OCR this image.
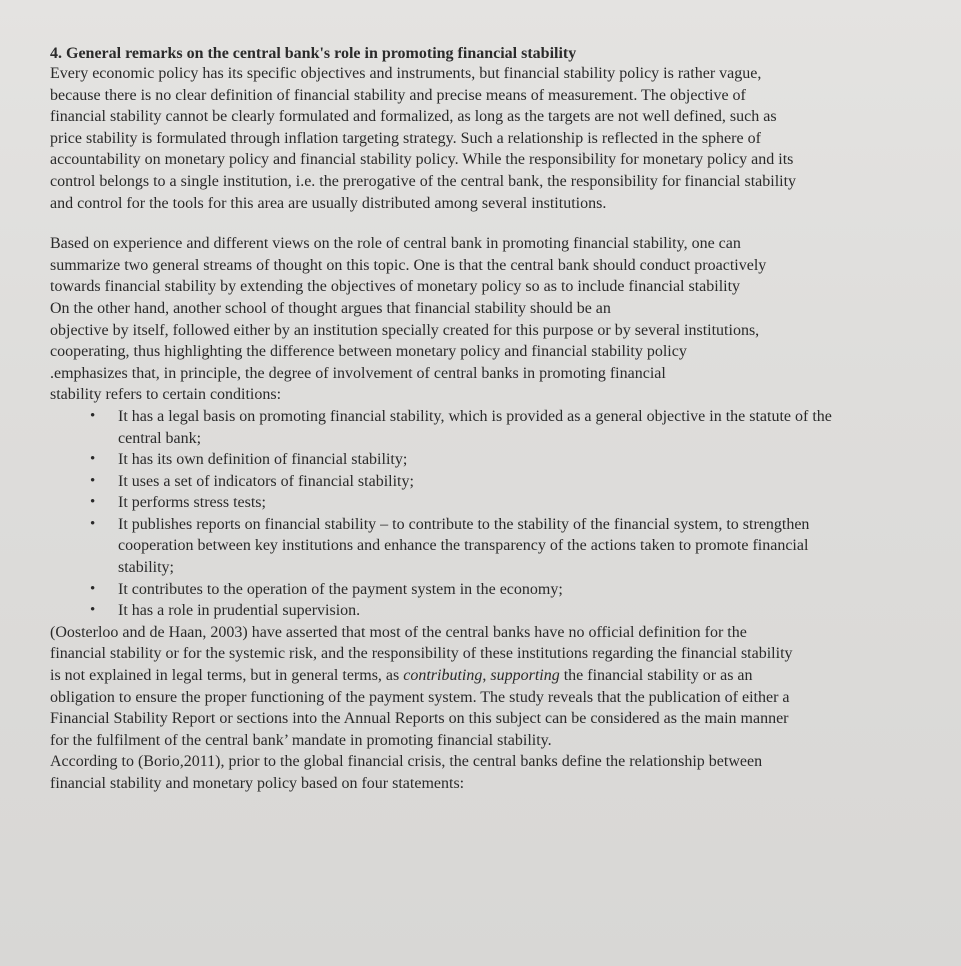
4. General remarks on the central bank's role in promoting financial stability

Every economic policy has its specific objectives and instruments, but financial stability policy is rather vague,
because there is no clear definition of financial stability and precise means of measurement. The objective of
financial stability cannot be clearly formulated and formalized, as long as the targets are not well defined, such as
price stability is formulated through inflation targeting strategy. Such a relationship is reflected in the sphere of
accountability on monetary policy and financial stability policy. While the responsibility for monetary policy and its
control belongs to a single institution, i.e. the prerogative of the central bank, the responsibility for financial stability
and control for the tools for this area are usually distributed among several institutions.

Based on experience and different views on the role of central bank in promoting financial stability, one can
summarize two general streams of thought on this topic. One is that the central bank should conduct proactively
towards financial stability by extending the objectives of monetary policy so as to include financial stability
On the other hand, another school of thought argues that financial stability should be an
objective by itself, followed either by an institution specially created for this purpose or by several institutions,
cooperating, thus highlighting the difference between monetary policy and financial stability policy
.emphasizes that, in principle, the degree of involvement of central banks in promoting financial
stability refers to certain conditions:

• It has a legal basis on promoting financial stability, which is provided as a general objective in the statute of the
central bank;
• It has its own definition of financial stability;
• It uses a set of indicators of financial stability;
• It performs stress tests;
• It publishes reports on financial stability – to contribute to the stability of the financial system, to strengthen
cooperation between key institutions and enhance the transparency of the actions taken to promote financial
stability;
• It contributes to the operation of the payment system in the economy;
• It has a role in prudential supervision.

(Oosterloo and de Haan, 2003) have asserted that most of the central banks have no official definition for the
financial stability or for the systemic risk, and the responsibility of these institutions regarding the financial stability
is not explained in legal terms, but in general terms, as contributing, supporting the financial stability or as an
obligation to ensure the proper functioning of the payment system. The study reveals that the publication of either a
Financial Stability Report or sections into the Annual Reports on this subject can be considered as the main manner
for the fulfilment of the central bank’ mandate in promoting financial stability.

According to (Borio,2011), prior to the global financial crisis, the central banks define the relationship between
financial stability and monetary policy based on four statements:
